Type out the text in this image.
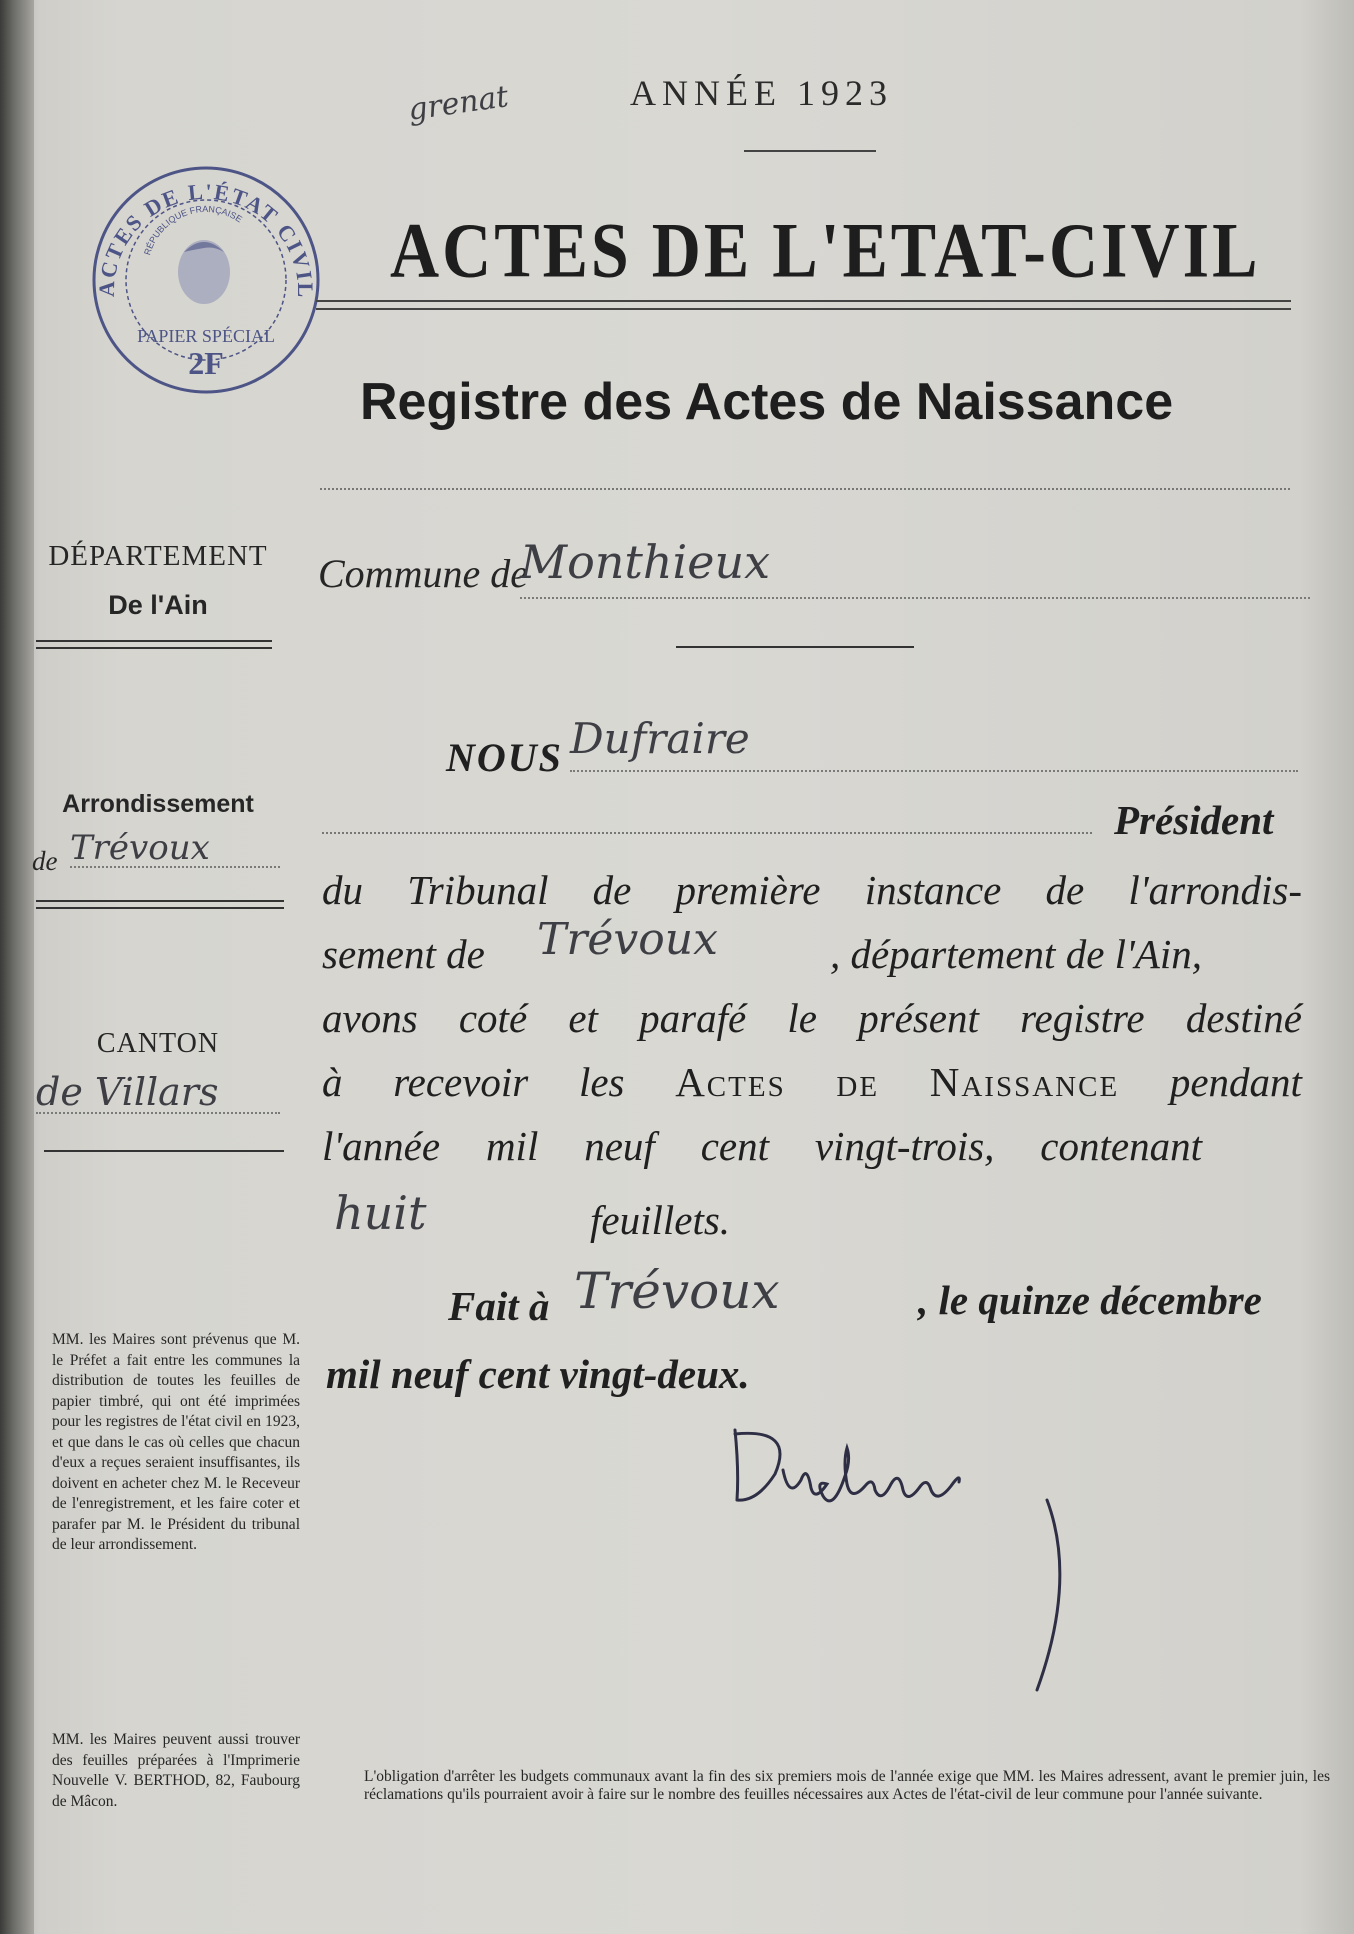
grenat	ANNÉE 1923
ACTES DE L'ÉTAT CIVIL
RÉPUBLIQUE FRANÇAISE
PAPIER SPÉCIAL
2F
ACTES DE L'ETAT-CIVIL
Registre des Actes de Naissance
DÉPARTEMENT
De l'Ain
Arrondissement
de Trévoux
CANTON
de Villars
MM. les Maires sont prévenus que M. le Préfet a fait entre les communes la distribution de toutes les feuilles de papier timbré, qui ont été imprimées pour les registres de l'état civil en 1923, et que dans le cas où celles que chacun d'eux a reçues seraient insuffisantes, ils doivent en acheter chez M. le Receveur de l'enregistrement, et les faire coter et parafer par M. le Président du tribunal de leur arrondissement.
MM. les Maires peuvent aussi trouver des feuilles préparées à l'Imprimerie Nouvelle V. BERTHOD, 82, Faubourg de Mâcon.
Commune de
Monthieux
NOUS Dufraire
Président
du Tribunal de première instance de l'arrondis-
sement de Trévoux	, département de l'Ain,
avons coté et parafé le présent registre destiné
à recevoir les Actes de Naissance pendant
l'année mil neuf cent vingt-trois, contenant
huit	feuillets.
Fait à Trévoux	, le quinze décembre
mil neuf cent vingt-deux.
L'obligation d'arrêter les budgets communaux avant la fin des six premiers mois de l'année exige que MM. les Maires adressent, avant le premier juin, les réclamations qu'ils pourraient avoir à faire sur le nombre des feuilles nécessaires aux Actes de l'état-civil de leur commune pour l'année suivante.
